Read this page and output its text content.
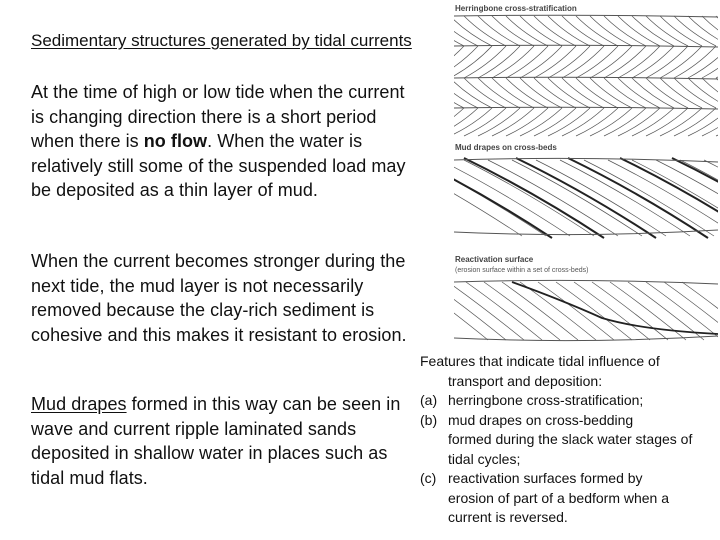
Sedimentary structures generated by tidal currents
At the time of high or low tide when the current is changing direction there is a short period when there is no flow. When the water is relatively still some of the suspended load may be deposited as a thin layer of mud.
When the current becomes stronger during the next tide, the mud layer is not necessarily removed because the clay-rich sediment is cohesive and this makes it resistant to erosion.
Mud drapes formed in this way can be seen in wave and current ripple laminated sands deposited in shallow water in places such as tidal mud flats.
Herringbone cross-stratification
Mud drapes on cross-beds
Reactivation surface
(erosion surface within a set of cross-beds)
Features that indicate tidal influence of
transport and deposition:
(a) herringbone cross-stratification;
(b) mud drapes on cross-bedding
formed during the slack water stages of tidal cycles;
(c) reactivation surfaces formed by
erosion of part of a bedform when a current is reversed.
